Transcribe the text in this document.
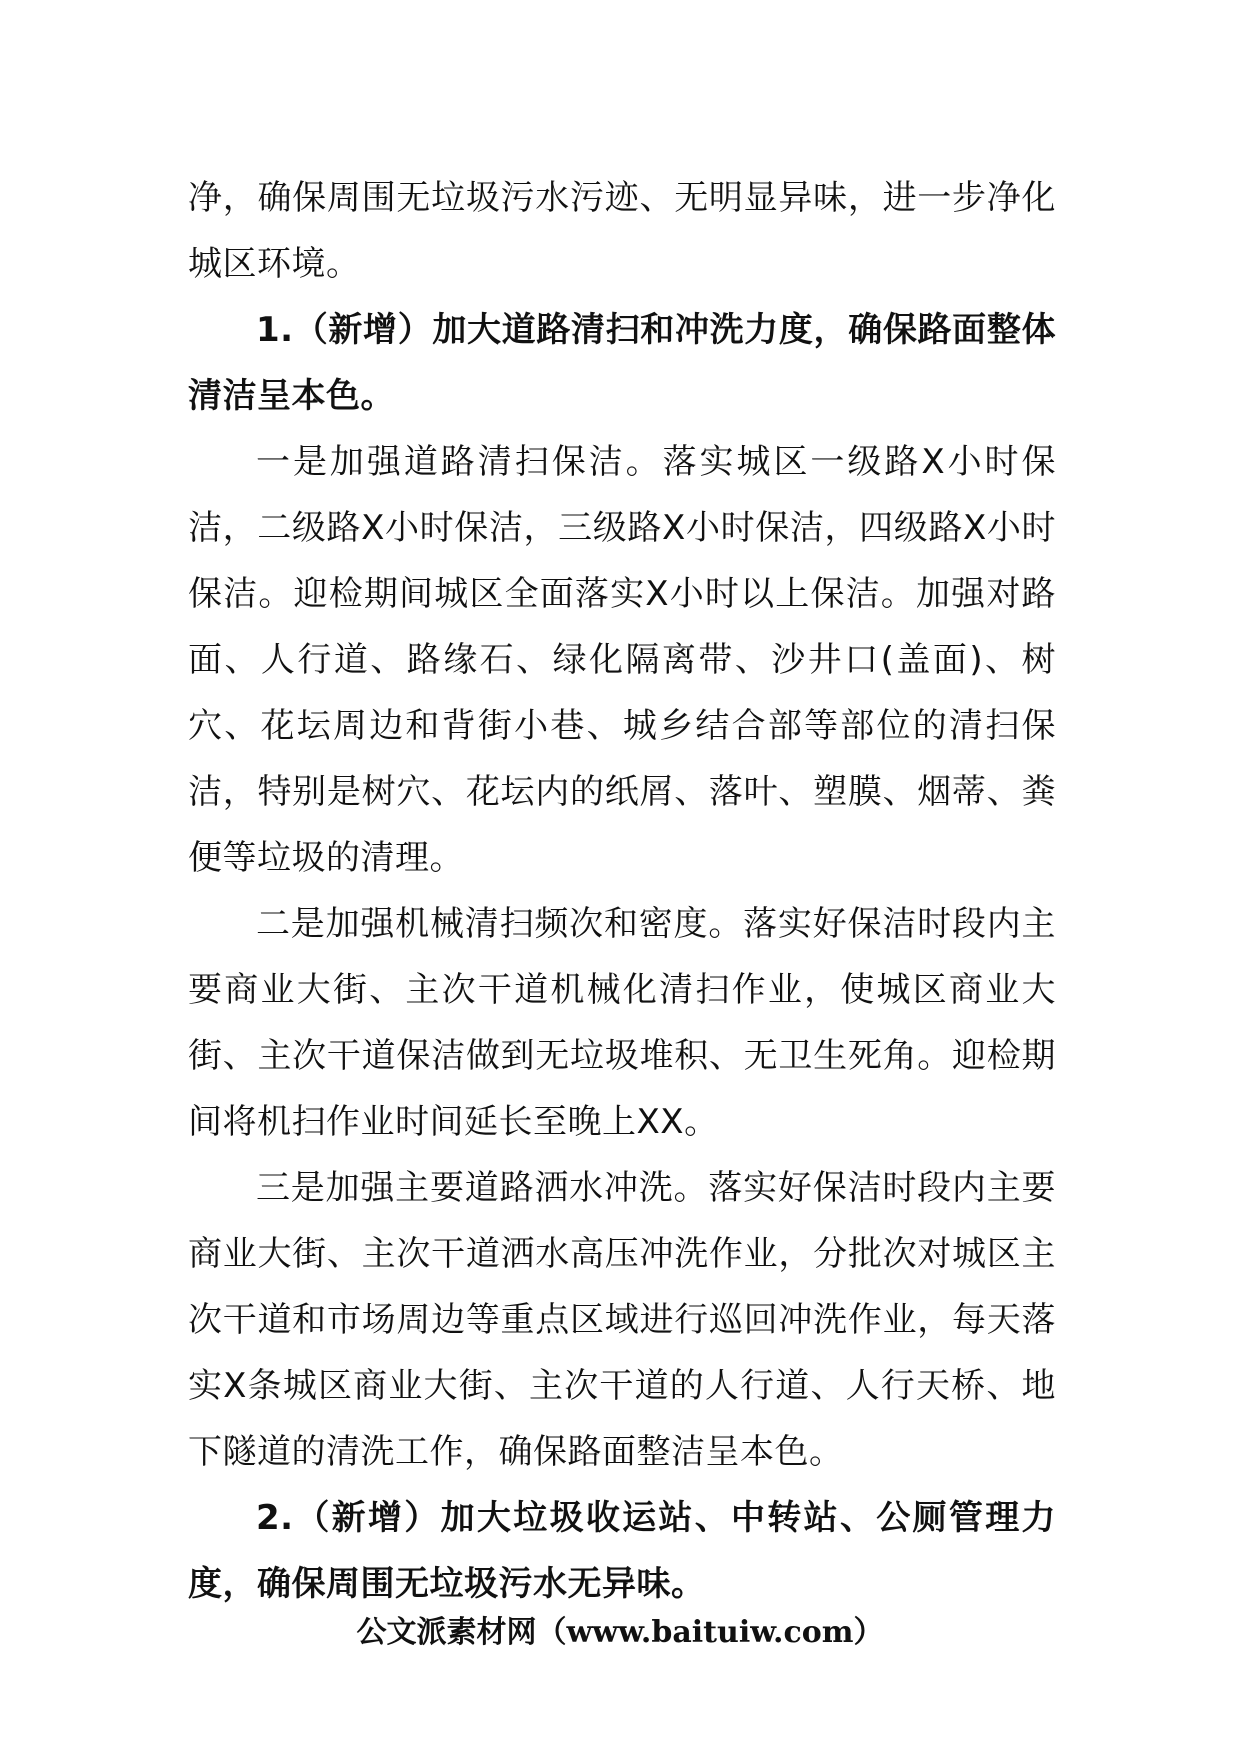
净，确保周围无垃圾污水污迹、无明显异味，进一步净化城区环境。

1.（新增）加大道路清扫和冲洗力度，确保路面整体清洁呈本色。

一是加强道路清扫保洁。落实城区一级路X小时保洁，二级路X小时保洁，三级路X小时保洁，四级路X小时保洁。迎检期间城区全面落实X小时以上保洁。加强对路面、人行道、路缘石、绿化隔离带、沙井口(盖面)、树穴、花坛周边和背街小巷、城乡结合部等部位的清扫保洁，特别是树穴、花坛内的纸屑、落叶、塑膜、烟蒂、粪便等垃圾的清理。

二是加强机械清扫频次和密度。落实好保洁时段内主要商业大街、主次干道机械化清扫作业，使城区商业大街、主次干道保洁做到无垃圾堆积、无卫生死角。迎检期间将机扫作业时间延长至晚上XX。

三是加强主要道路洒水冲洗。落实好保洁时段内主要商业大街、主次干道洒水高压冲洗作业，分批次对城区主次干道和市场周边等重点区域进行巡回冲洗作业，每天落实X条城区商业大街、主次干道的人行道、人行天桥、地下隧道的清洗工作，确保路面整洁呈本色。

2.（新增）加大垃圾收运站、中转站、公厕管理力度，确保周围无垃圾污水无异味。

公文派素材网（www.baituiw.com）
